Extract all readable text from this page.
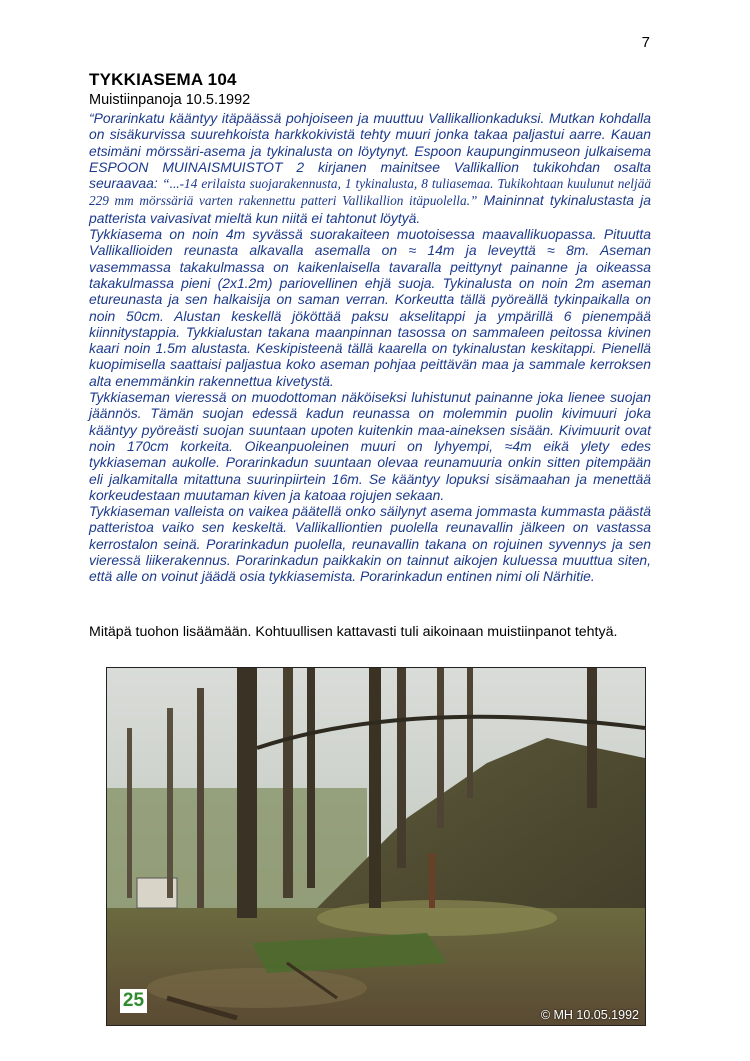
7
TYKKIASEMA 104
Muistiinpanoja 10.5.1992

“Porarinkatu kääntyy itäpäässä pohjoiseen ja muuttuu Vallikallionkaduksi. Mutkan kohdalla on sisäkurvissa suurehkoista harkkokivistä tehty muuri jonka takaa paljastui aarre. Kauan etsimäni mörssäri-asema ja tykinalusta on löytynyt. Espoon kaupunginmuseon julkaisema ESPOON MUINAISMUISTOT 2 kirjanen mainitsee Vallikallion tukikohdan osalta seuraavaa: “...-14 erilaista suojarakennusta, 1 tykinalusta, 8 tuliasemaa. Tukikohtaan kuulunut neljää 229 mm mörssäriä varten rakennettu patteri Vallikallion itäpuolella.” Maininnat tykinalustasta ja patterista vaivasivat mieltä kun niitä ei tahtonut löytyä.

Tykkiasema on noin 4m syvässä suorakaiteen muotoisessa maavallikuopassa. Pituutta Vallikallioiden reunasta alkavalla asemalla on ≈ 14m ja leveyttä ≈ 8m. Aseman vasemmassa takakulmassa on kaikenlaisella tavaralla peittynyt painanne ja oikeassa takakulmassa pieni (2x1.2m) pariovellinen ehjä suoja. Tykinalusta on noin 2m aseman etureunasta ja sen halkaisija on saman verran. Korkeutta tällä pyöreällä tykinpaikalla on noin 50cm. Alustan keskellä jököttää paksu akselitappi ja ympärillä 6 pienempää kiinnitystappia. Tykkialustan takana maanpinnan tasossa on sammaleen peitossa kivinen kaari noin 1.5m alustasta. Keskipisteenä tällä kaarella on tykinalustan keskitappi. Pienellä kuopimisella saattaisi paljastua koko aseman pohjaa peittävän maa ja sammale kerroksen alta enemmänkin rakennettua kivetystä.

Tykkiaseman vieressä on muodottoman näköiseksi luhistunut painanne joka lienee suojan jäännös. Tämän suojan edessä kadun reunassa on molemmin puolin kivimuuri joka kääntyy pyöreästi suojan suuntaan upoten kuitenkin maa-aineksen sisään. Kivimuurit ovat noin 170cm korkeita. Oikeanpuoleinen muuri on lyhyempi, ≈4m eikä ylety edes tykkiaseman aukolle. Porarinkadun suuntaan olevaa reunamuuria onkin sitten pitempään eli jalkamitalla mitattuna suurinpiirtein 16m. Se kääntyy lopuksi sisämaahan ja menettää korkeudestaan muutaman kiven ja katoaa rojujen sekaan.

Tykkiaseman valleista on vaikea päätellä onko säilynyt asema jommasta kummasta päästä patteristoa vaiko sen keskeltä. Vallikalliontien puolella reunavallin jälkeen on vastassa kerrostalon seinä. Porarinkadun puolella, reunavallin takana on rojuinen syvennys ja sen vieressä liikerakennus. Porarinkadun paikkakin on tainnut aikojen kuluessa muuttua siten, että alle on voinut jäädä osia tykkiasemista. Porarinkadun entinen nimi oli Närhitie.

Mitäpä tuohon lisäämään. Kohtuullisen kattavasti tuli aikoinaan muistiinpanot tehtyä.
25
© MH 10.05.1992
